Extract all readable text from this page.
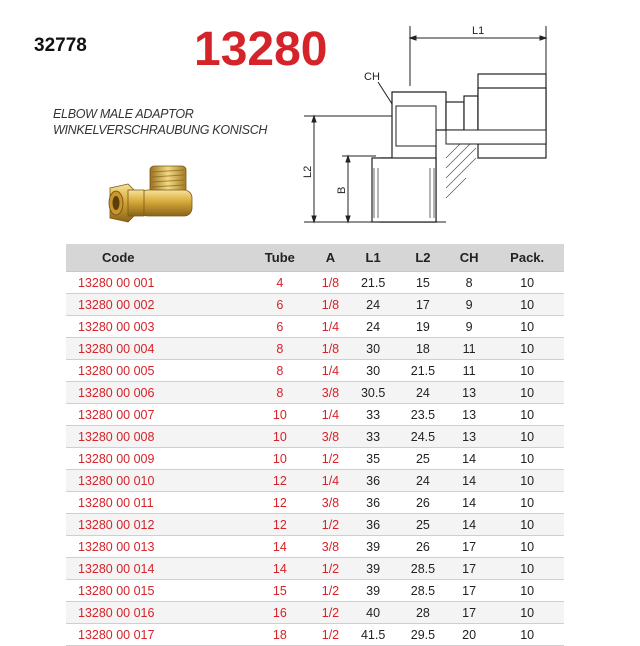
32778 13280
ELBOW MALE ADAPTOR
WINKELVERSCHRAUBUNG KONISCH
L1
CH
L2
B
Code	Tube	A	L1	L2	CH	Pack.
13280 00 001	4	1/8	21.5	15	8	10
13280 00 002	6	1/8	24	17	9	10
13280 00 003	6	1/4	24	19	9	10
13280 00 004	8	1/8	30	18	11	10
13280 00 005	8	1/4	30	21.5	11	10
13280 00 006	8	3/8	30.5	24	13	10
13280 00 007	10	1/4	33	23.5	13	10
13280 00 008	10	3/8	33	24.5	13	10
13280 00 009	10	1/2	35	25	14	10
13280 00 010	12	1/4	36	24	14	10
13280 00 011	12	3/8	36	26	14	10
13280 00 012	12	1/2	36	25	14	10
13280 00 013	14	3/8	39	26	17	10
13280 00 014	14	1/2	39	28.5	17	10
13280 00 015	15	1/2	39	28.5	17	10
13280 00 016	16	1/2	40	28	17	10
13280 00 017	18	1/2	41.5	29.5	20	10
